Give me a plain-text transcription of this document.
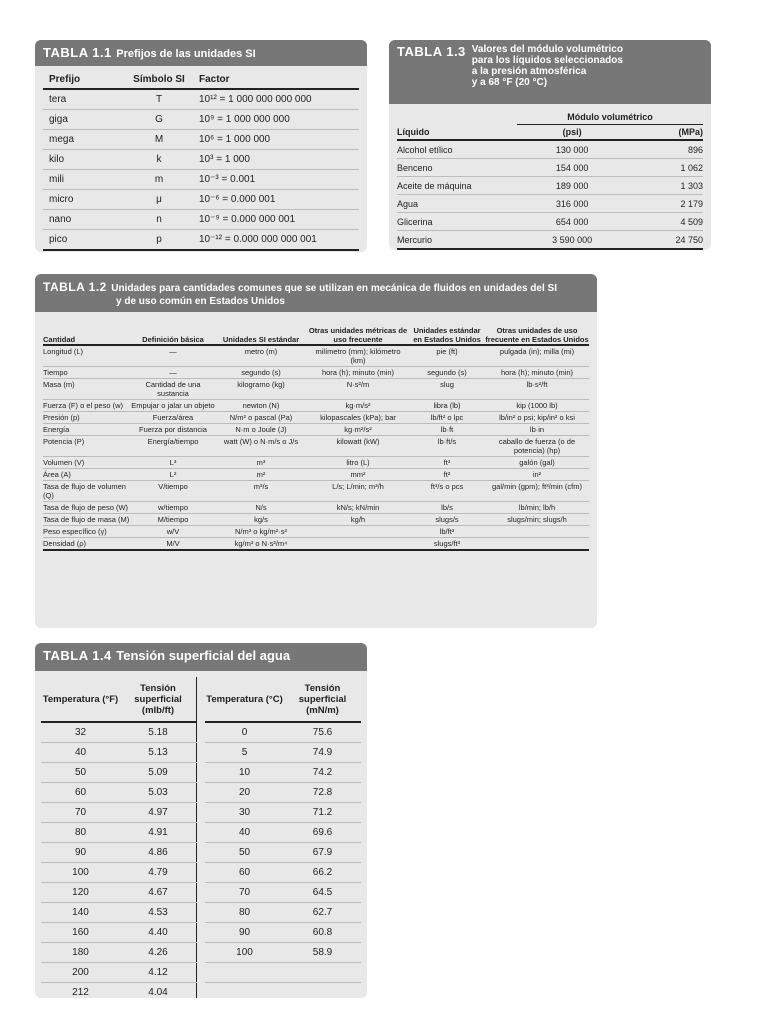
TABLA 1.1 Prefijos de las unidades SI
Prefijo	Símbolo SI	Factor
tera	T	10¹² = 1 000 000 000 000
giga	G	10⁹ = 1 000 000 000
mega	M	10⁶ = 1 000 000
kilo	k	10³ = 1 000
mili	m	10⁻³ = 0.001
micro	μ	10⁻⁶ = 0.000 001
nano	n	10⁻⁹ = 0.000 000 001
pico	p	10⁻¹² = 0.000 000 000 001
TABLA 1.3 Valores del módulo volumétrico
para los líquidos seleccionados
a la presión atmosférica
y a 68 °F (20 °C)
Módulo volumétrico
Líquido	(psi)	(MPa)
Alcohol etílico	130 000	896
Benceno	154 000	1 062
Aceite de máquina	189 000	1 303
Agua	316 000	2 179
Glicerina	654 000	4 509
Mercurio	3 590 000	24 750
TABLA 1.2 Unidades para cantidades comunes que se utilizan en mecánica de fluidos en unidades del SI
y de uso común en Estados Unidos
Cantidad	Definición básica	Unidades SI estándar	Otras unidades métricas de uso frecuente	Unidades estándar en Estados Unidos	Otras unidades de uso frecuente en Estados Unidos
Longitud (L)	—	metro (m)	milímetro (mm); kilómetro (km)	pie (ft)	pulgada (in); milla (mi)
Tiempo	—	segundo (s)	hora (h); minuto (min)	segundo (s)	hora (h); minuto (min)
Masa (m)	Cantidad de una sustancia	kilogramo (kg)	N·s²/m	slug	lb·s²/ft
Fuerza (F) o el peso (w)	Empujar o jalar un objeto	newton (N)	kg·m/s²	libra (lb)	kip (1000 lb)
Presión (p)	Fuerza/área	N/m² o pascal (Pa)	kilopascales (kPa); bar	lb/ft² o lpc	lb/in² o psi; kip/in² o ksi
Energía	Fuerza por distancia	N·m o Joule (J)	kg·m²/s²	lb·ft	lb·in
Potencia (P)	Energía/tiempo	watt (W) o N·m/s o J/s	kilowatt (kW)	lb·ft/s	caballo de fuerza (o de potencia) (hp)
Volumen (V)	L³	m³	litro (L)	ft³	galón (gal)
Área (A)	L²	m²	mm²	ft²	in²
Tasa de flujo de volumen (Q)	V/tiempo	m³/s	L/s; L/min; m³/h	ft³/s o pcs	gal/min (gpm); ft³/min (cfm)
Tasa de flujo de peso (W)	w/tiempo	N/s	kN/s; kN/min	lb/s	lb/min; lb/h
Tasa de flujo de masa (M)	M/tiempo	kg/s	kg/h	slugs/s	slugs/min; slugs/h
Peso específico (γ)	w/V	N/m³ o kg/m²·s²		lb/ft³	
Densidad (ρ)	M/V	kg/m³ o N·s²/m⁴		slugs/ft³	
TABLA 1.4 Tensión superficial del agua
Temperatura (°F)	Tensión superficial (mlb/ft)
32	5.18
40	5.13
50	5.09
60	5.03
70	4.97
80	4.91
90	4.86
100	4.79
120	4.67
140	4.53
160	4.40
180	4.26
200	4.12
212	4.04
Temperatura (°C)	Tensión superficial (mN/m)
0	75.6
5	74.9
10	74.2
20	72.8
30	71.2
40	69.6
50	67.9
60	66.2
70	64.5
80	62.7
90	60.8
100	58.9
